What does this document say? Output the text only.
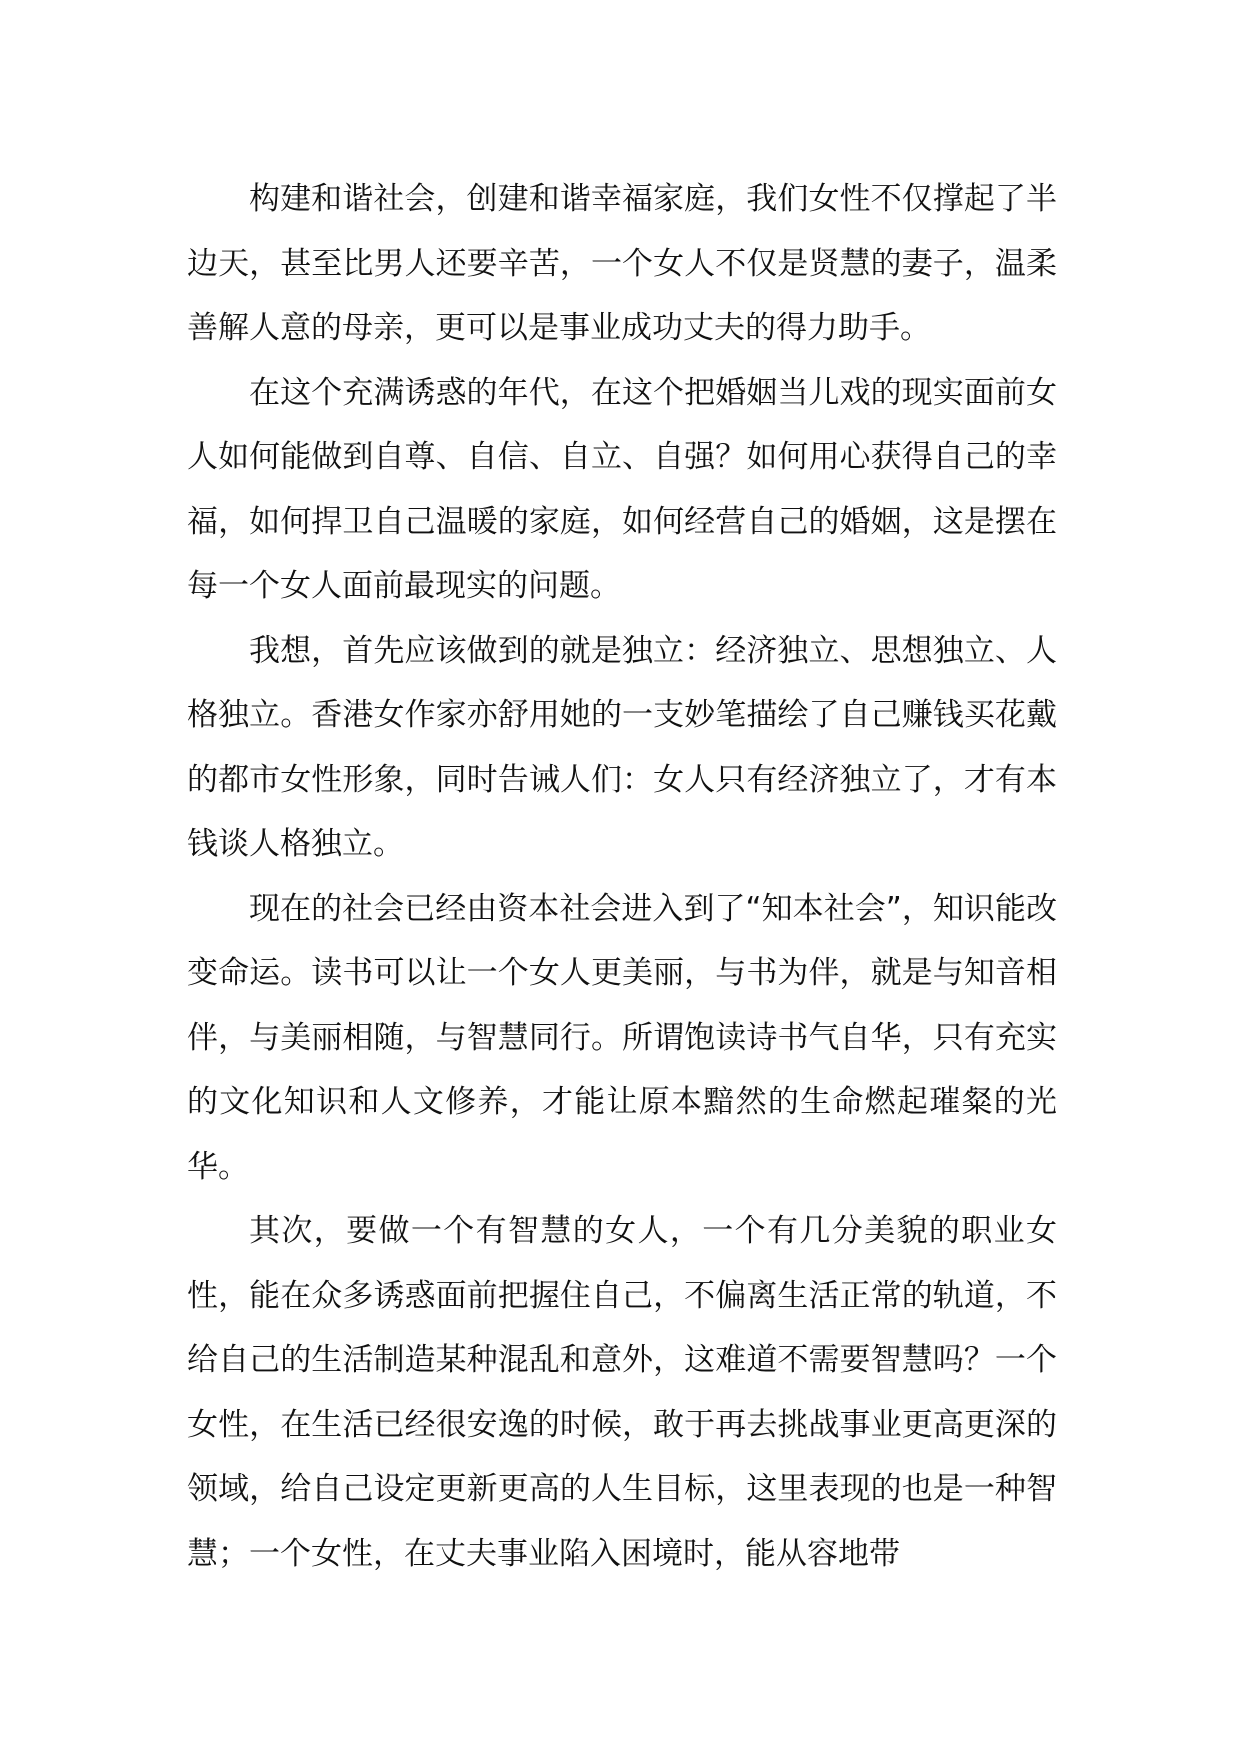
构建和谐社会，创建和谐幸福家庭，我们女性不仅撑起了半边天，甚至比男人还要辛苦，一个女人不仅是贤慧的妻子，温柔善解人意的母亲，更可以是事业成功丈夫的得力助手。

在这个充满诱惑的年代，在这个把婚姻当儿戏的现实面前女人如何能做到自尊、自信、自立、自强？如何用心获得自己的幸福，如何捍卫自己温暖的家庭，如何经营自己的婚姻，这是摆在每一个女人面前最现实的问题。

我想，首先应该做到的就是独立：经济独立、思想独立、人格独立。香港女作家亦舒用她的一支妙笔描绘了自己赚钱买花戴的都市女性形象，同时告诫人们：女人只有经济独立了，才有本钱谈人格独立。

现在的社会已经由资本社会进入到了“知本社会”，知识能改变命运。读书可以让一个女人更美丽，与书为伴，就是与知音相伴，与美丽相随，与智慧同行。所谓饱读诗书气自华，只有充实的文化知识和人文修养，才能让原本黯然的生命燃起璀粲的光华。

其次，要做一个有智慧的女人，一个有几分美貌的职业女性，能在众多诱惑面前把握住自己，不偏离生活正常的轨道，不给自己的生活制造某种混乱和意外，这难道不需要智慧吗？一个女性，在生活已经很安逸的时候，敢于再去挑战事业更高更深的领域，给自己设定更新更高的人生目标，这里表现的也是一种智慧；一个女性，在丈夫事业陷入困境时，能从容地带
